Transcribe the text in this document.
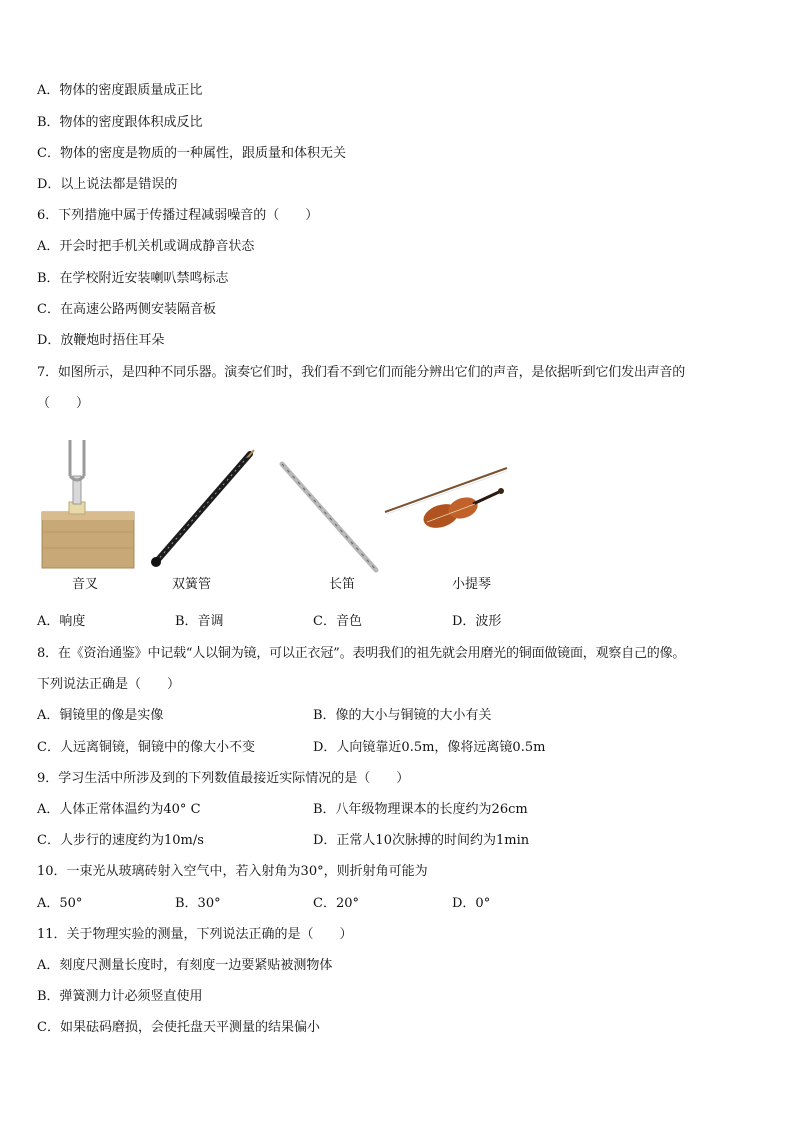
A．物体的密度跟质量成正比
B．物体的密度跟体积成反比
C．物体的密度是物质的一种属性，跟质量和体积无关
D．以上说法都是错误的
6．下列措施中属于传播过程减弱噪音的（　　）
A．开会时把手机关机或调成静音状态
B．在学校附近安装喇叭禁鸣标志
C．在高速公路两侧安装隔音板
D．放鞭炮时捂住耳朵
7．如图所示，是四种不同乐器。演奏它们时，我们看不到它们而能分辨出它们的声音，是依据听到它们发出声音的
（　　）
音叉	双簧管	长笛	小提琴
A．响度	B．音调	C．音色	D．波形
8．在《资治通鉴》中记载“人以铜为镜，可以正衣冠”。表明我们的祖先就会用磨光的铜面做镜面，观察自己的像。
下列说法正确是（　　）
A．铜镜里的像是实像	B．像的大小与铜镜的大小有关
C．人远离铜镜，铜镜中的像大小不变	D．人向镜靠近0.5m，像将远离镜0.5m
9．学习生活中所涉及到的下列数值最接近实际情况的是（　　）
A．人体正常体温约为40° C	B．八年级物理课本的长度约为26cm
C．人步行的速度约为10m/s	D．正常人10次脉搏的时间约为1min
10．一束光从玻璃砖射入空气中，若入射角为30°，则折射角可能为
A．50°	B．30°	C．20°	D．0°
11．关于物理实验的测量，下列说法正确的是（　　）
A．刻度尺测量长度时，有刻度一边要紧贴被测物体
B．弹簧测力计必须竖直使用
C．如果砝码磨损，会使托盘天平测量的结果偏小
